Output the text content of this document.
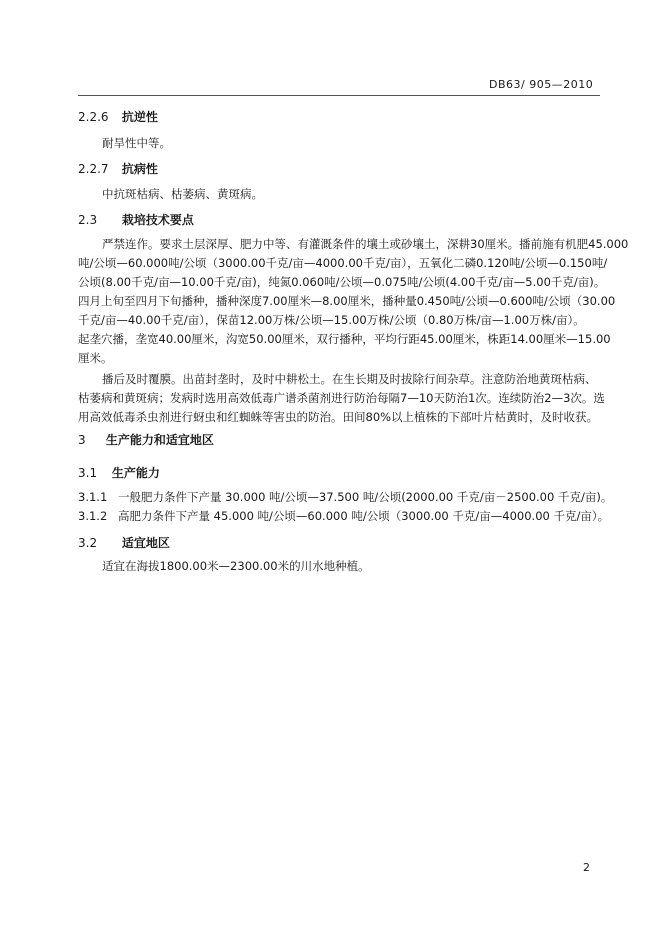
DB63/ 905—2010
2.2.6 抗逆性
耐旱性中等。
2.2.7 抗病性
中抗斑枯病、枯萎病、黄斑病。
2.3 栽培技术要点
严禁连作。要求土层深厚、肥力中等、有灌溉条件的壤土或砂壤土，深耕30厘米。播前施有机肥45.000
吨/公顷—60.000吨/公顷（3000.00千克/亩—4000.00千克/亩），五氧化二磷0.120吨/公顷—0.150吨/
公顷(8.00千克/亩—10.00千克/亩)，纯氮0.060吨/公顷—0.075吨/公顷(4.00千克/亩—5.00千克/亩)。
四月上旬至四月下旬播种，播种深度7.00厘米—8.00厘米，播种量0.450吨/公顷—0.600吨/公顷（30.00
千克/亩—40.00千克/亩），保苗12.00万株/公顷—15.00万株/公顷（0.80万株/亩—1.00万株/亩）。
起垄穴播，垄宽40.00厘米，沟宽50.00厘米，双行播种，平均行距45.00厘米，株距14.00厘米—15.00
厘米。
播后及时覆膜。出苗封垄时，及时中耕松土。在生长期及时拔除行间杂草。注意防治地黄斑枯病、
枯萎病和黄斑病；发病时选用高效低毒广谱杀菌剂进行防治每隔7—10天防治1次。连续防治2—3次。选
用高效低毒杀虫剂进行蚜虫和红蜘蛛等害虫的防治。田间80%以上植株的下部叶片枯黄时，及时收获。
3 生产能力和适宜地区
3.1 生产能力
3.1.1 一般肥力条件下产量 30.000 吨/公顷—37.500 吨/公顷(2000.00 千克/亩－2500.00 千克/亩)。
3.1.2 高肥力条件下产量 45.000 吨/公顷—60.000 吨/公顷（3000.00 千克/亩—4000.00 千克/亩）。
3.2 适宜地区
适宜在海拔1800.00米—2300.00米的川水地种植。
2
